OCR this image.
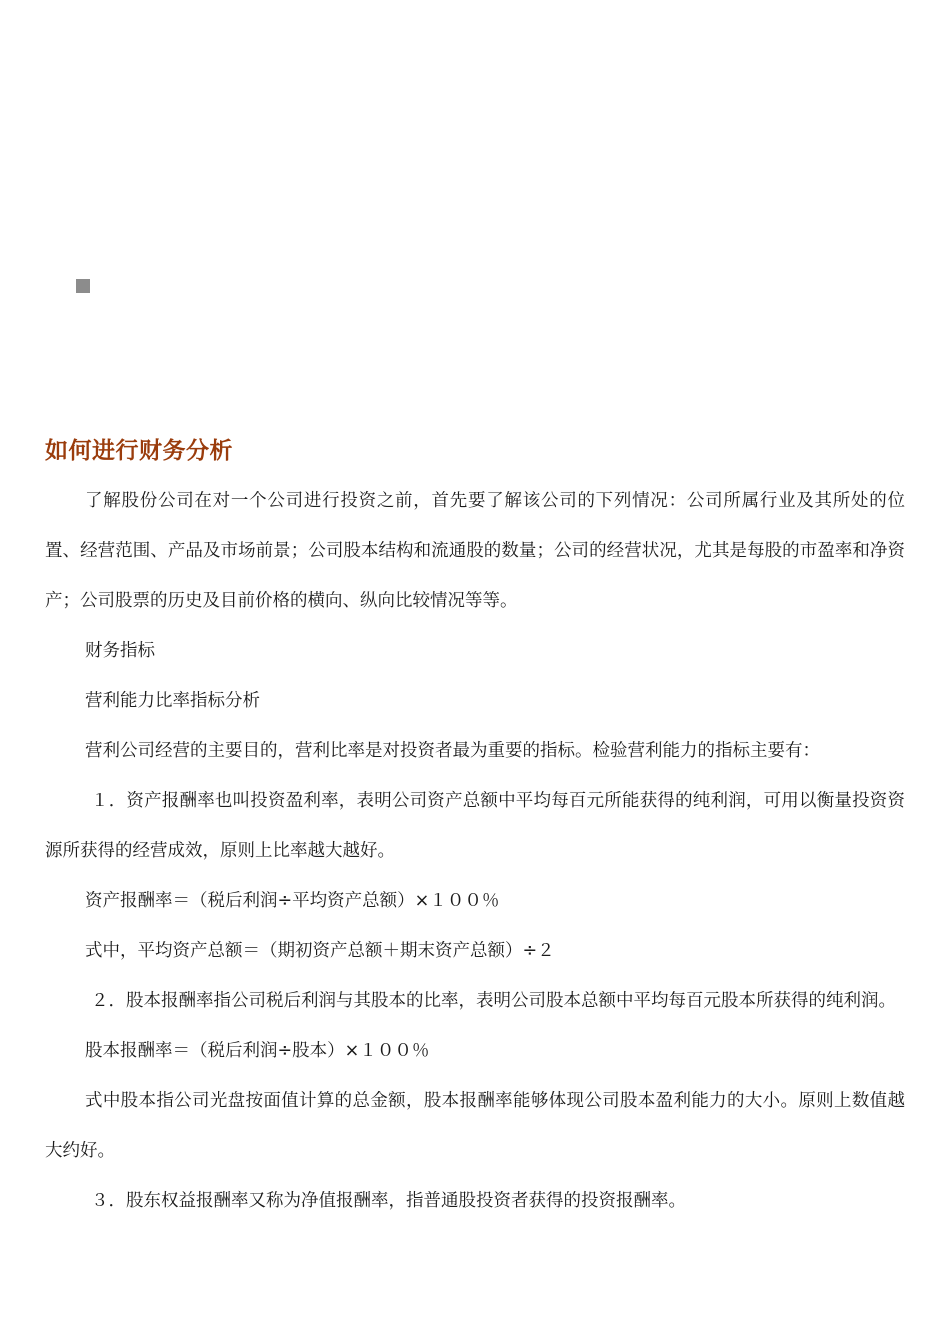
如何进行财务分析

了解股份公司在对一个公司进行投资之前，首先要了解该公司的下列情况：公司所属行业及其所处的位置、经营范围、产品及市场前景；公司股本结构和流通股的数量；公司的经营状况，尤其是每股的市盈率和净资产；公司股票的历史及目前价格的横向、纵向比较情况等等。

财务指标

营利能力比率指标分析

营利公司经营的主要目的，营利比率是对投资者最为重要的指标。检验营利能力的指标主要有：

１．资产报酬率也叫投资盈利率，表明公司资产总额中平均每百元所能获得的纯利润，可用以衡量投资资源所获得的经营成效，原则上比率越大越好。

资产报酬率＝（税后利润÷平均资产总额）×１００％

式中，平均资产总额＝（期初资产总额＋期末资产总额）÷２

２．股本报酬率指公司税后利润与其股本的比率，表明公司股本总额中平均每百元股本所获得的纯利润。

股本报酬率＝（税后利润÷股本）×１００％

式中股本指公司光盘按面值计算的总金额，股本报酬率能够体现公司股本盈利能力的大小。原则上数值越大约好。

３．股东权益报酬率又称为净值报酬率，指普通股投资者获得的投资报酬率。
